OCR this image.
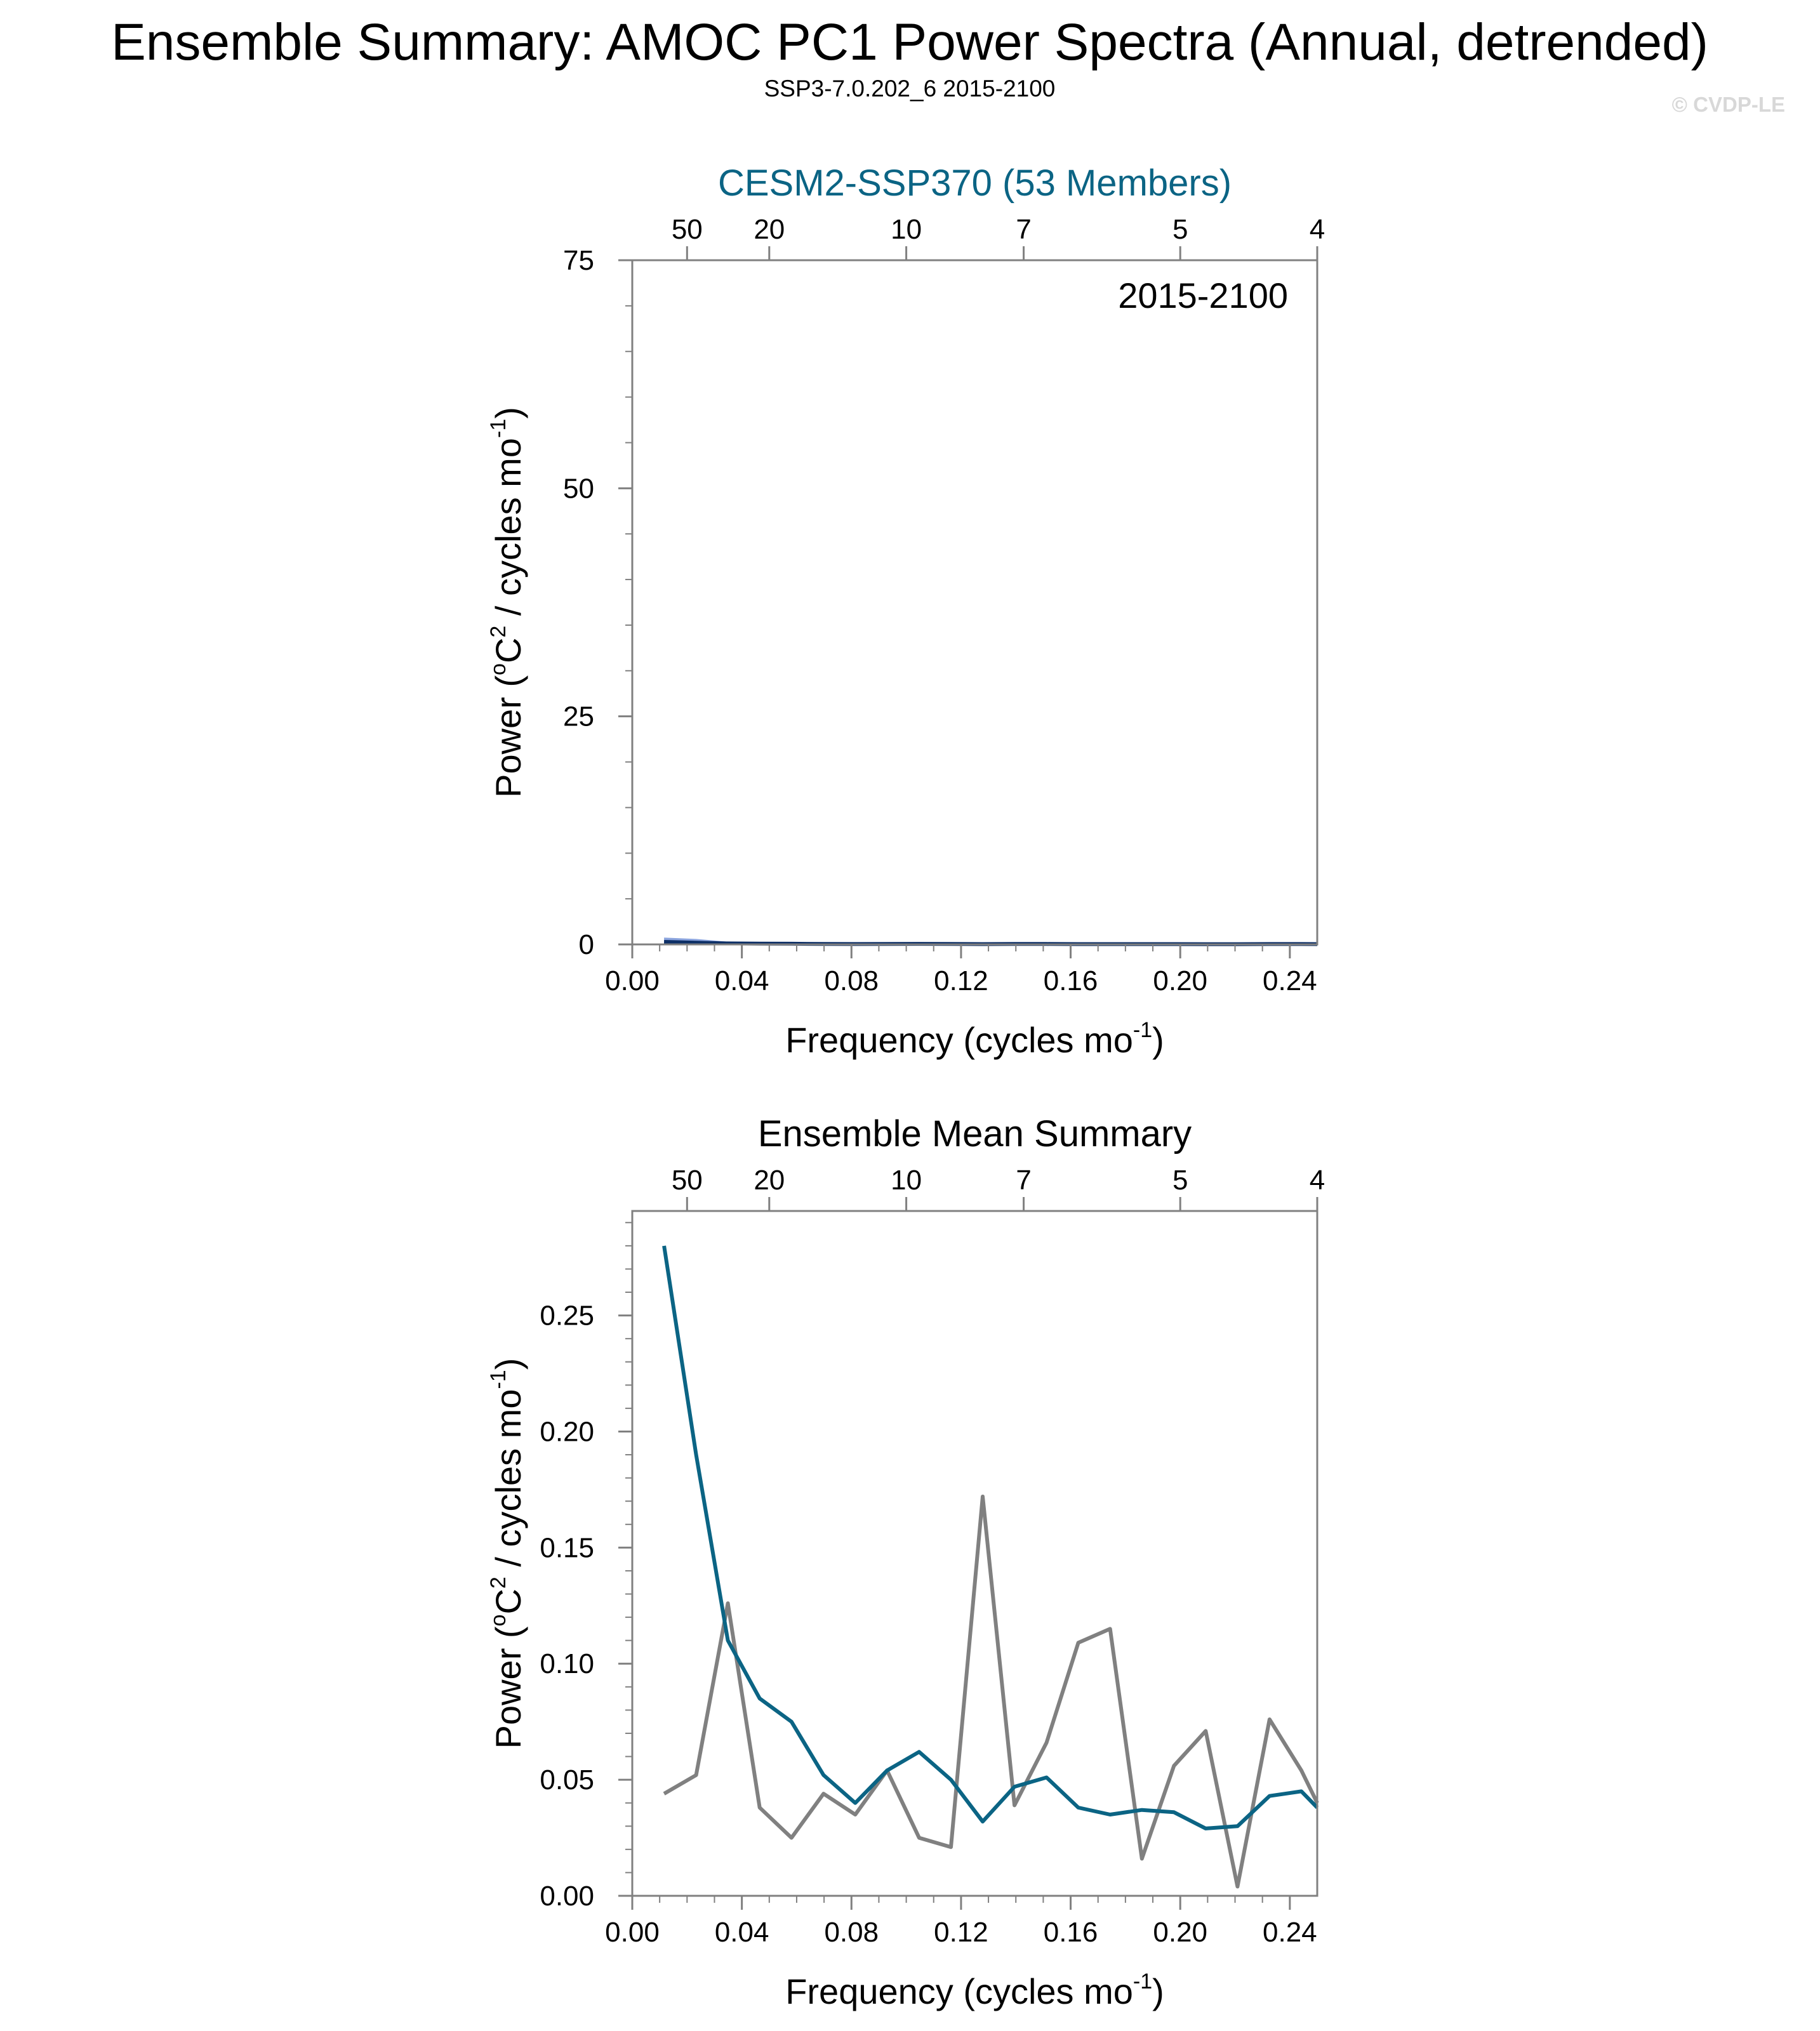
Ensemble Summary: AMOC PC1 Power Spectra (Annual, detrended)
SSP3-7.0.202_6 2015-2100
© CVDP-LE
CESM2-SSP370 (53 Members)
0.00 0.04 0.08 0.12 0.16 0.20 0.24
0
25
50
75
50 20	10	7	5	4
Frequency (cycles $mo^{-1}$)
Power ($^oC^2$ / cycles $mo^{-1}$)
2015-2100
Ensemble Mean Summary
0.00 0.04 0.08 0.12 0.16 0.20 0.24
0.00
0.05
0.10
0.15
0.20
0.25
50 20	10	7	5	4
Frequency (cycles $mo^{-1}$)
Power ($^oC^2$ / cycles $mo^{-1}$)
